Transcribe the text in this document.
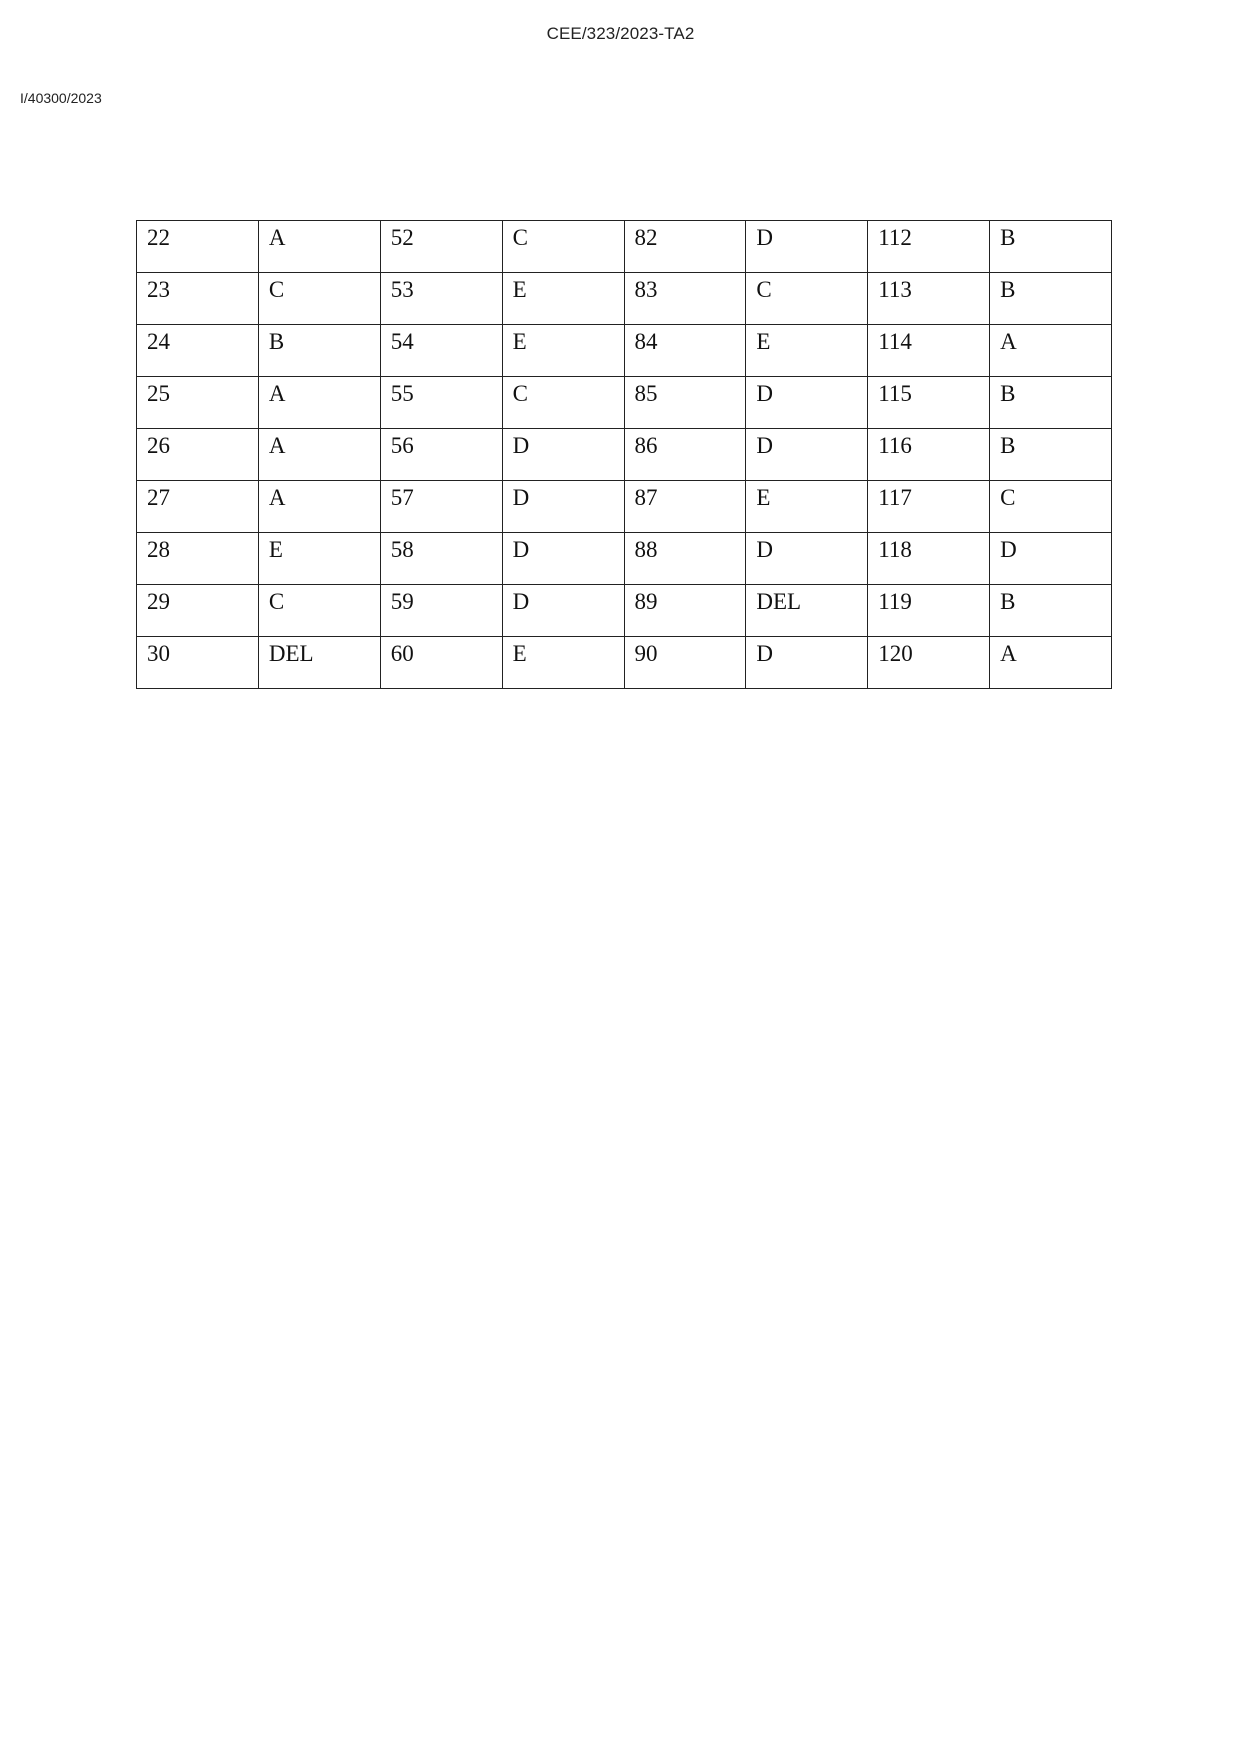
CEE/323/2023-TA2
I/40300/2023
22	A	52	C	82	D	112	B
23	C	53	E	83	C	113	B
24	B	54	E	84	E	114	A
25	A	55	C	85	D	115	B
26	A	56	D	86	D	116	B
27	A	57	D	87	E	117	C
28	E	58	D	88	D	118	D
29	C	59	D	89	DEL	119	B
30	DEL	60	E	90	D	120	A
